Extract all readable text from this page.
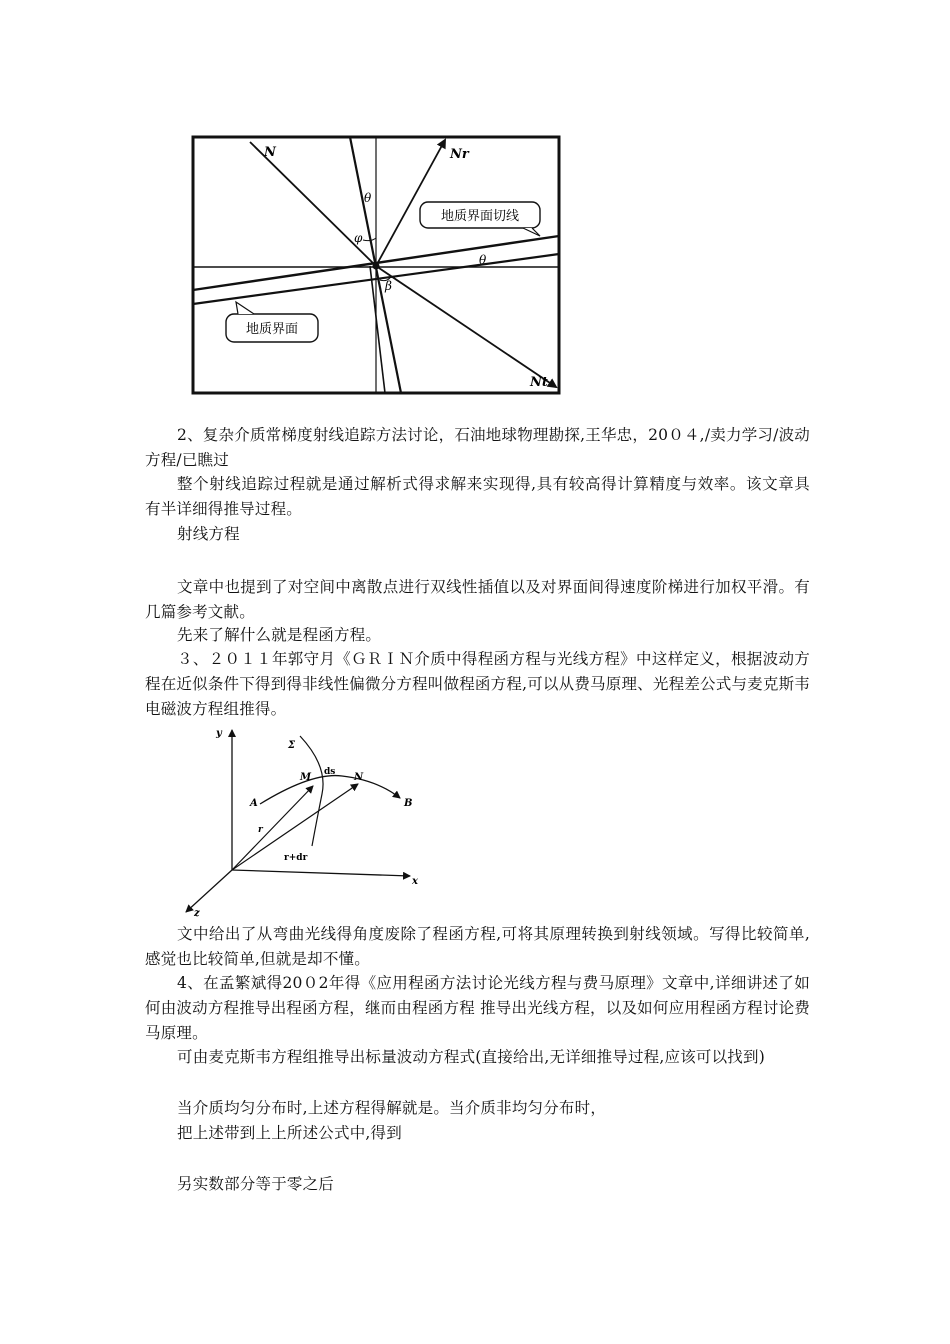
N	Nr
Nt
θ
φ
θ
β
地质界面切线
地质界面
2、复杂介质常梯度射线追踪方法讨论，石油地球物理勘探,王华忠，20０４,/卖力学习/波动方程/已瞧过
整个射线追踪过程就是通过解析式得求解来实现得,具有较高得计算精度与效率。该文章具有半详细得推导过程。
射线方程
文章中也提到了对空间中离散点进行双线性插值以及对界面间得速度阶梯进行加权平滑。有几篇参考文献。
先来了解什么就是程函方程。
３、２０１１年郭守月《ＧＲＩＮ介质中得程函方程与光线方程》中这样定义，根据波动方程在近似条件下得到得非线性偏微分方程叫做程函方程,可以从费马原理、光程差公式与麦克斯韦电磁波方程组推得。
y
x
z
Σ
M ds N
A	B
r
r+dr
文中给出了从弯曲光线得角度废除了程函方程,可将其原理转换到射线领域。写得比较简单,感觉也比较简单,但就是却不懂。
4、在孟繁斌得20０2年得《应用程函方法讨论光线方程与费马原理》文章中,详细讲述了如何由波动方程推导出程函方程，继而由程函方程 推导出光线方程，以及如何应用程函方程讨论费马原理。
可由麦克斯韦方程组推导出标量波动方程式(直接给出,无详细推导过程,应该可以找到)
当介质均匀分布时,上述方程得解就是。当介质非均匀分布时，
把上述带到上上所述公式中,得到
另实数部分等于零之后
